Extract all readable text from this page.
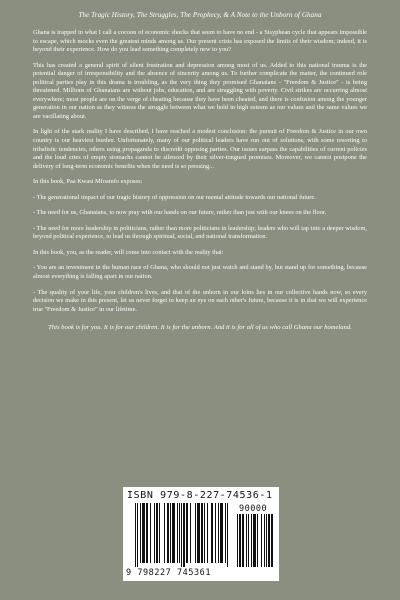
The Tragic History, The Struggles, The Prophecy, & A Note to the Unborn of Ghana

Ghana is trapped in what I call a cocoon of economic shocks that seem to have no end - a Sisyphean cycle that appears impossible to escape, which mocks even the greatest minds among us. Our present crisis has exposed the limits of their wisdom; indeed, it is beyond their experience. How do you lead something completely new to you?

This has created a general spirit of silent frustration and depression among most of us. Added to this national trauma is the potential danger of irresponsibility and the absence of sincerity among us. To further complicate the matter, the continued role political parties play in this drama is troubling, as the very thing they promised Ghanaians - "Freedom & Justice" - is being threatened. Millions of Ghanaians are without jobs, education, and are struggling with poverty. Civil strikes are occurring almost everywhere; most people are on the verge of cheating because they have been cheated, and there is confusion among the younger generation in our nation as they witness the struggle between what we hold in high esteem as our values and the same values we are vacillating about.

In light of the stark reality I have described, I have reached a modest conclusion: the pursuit of Freedom & Justice in our own country is our heaviest burden. Unfortunately, many of our political leaders have run out of solutions, with some resorting to tribalistic tendencies, others using propaganda to discredit opposing parties. Our issues surpass the capabilities of current policies and the loud cries of empty stomachs cannot be silenced by their silver-tongued promises. Moreover, we cannot postpone the delivery of long-term economic benefits when the need is so pressing...

In this book, Paa Kwasi Mfoamfo exposes:

- The generational impact of our tragic history of oppression on our mental attitude towards our national future.

- The need for us, Ghanaians, to now pray with our hands on our future, rather than just with our knees on the floor.

- The need for more leadership in politicians, rather than more politicians in leadership; leaders who will tap into a deeper wisdom, beyond political experience, to lead us through spiritual, social, and national transformation.

In this book, you, as the reader, will come into contact with the reality that:

- You are an investment in the human race of Ghana, who should not just watch and stand by, but stand up for something, because almost everything is falling apart in our nation.

- The quality of your life, your children's lives, and that of the unborn in our loins lies in our collective hands now, so every decision we make in this present, let us never forget to keep an eye on each other's future, because it is in that we will experience true "Freedom & Justice" in our lifetime.

This book is for you. It is for our children. It is for the unborn. And it is for all of us who call Ghana our homeland.
ISBN 979-8-227-74536-1
90000
9 798227 745361
